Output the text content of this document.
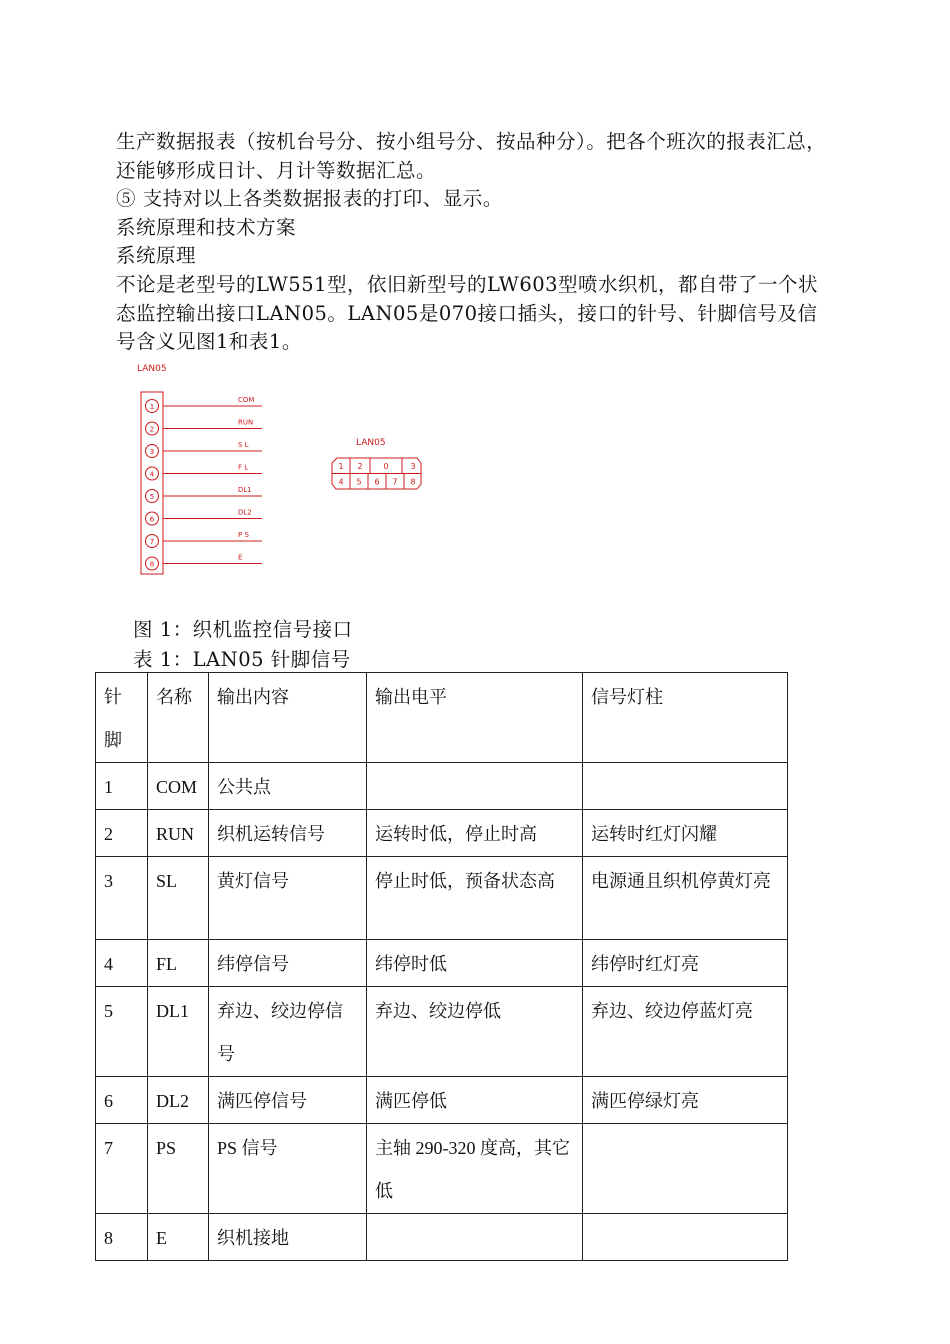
生产数据报表（按机台号分、按小组号分、按品种分）。把各个班次的报表汇总，还能够形成日计、月计等数据汇总。

⑤ 支持对以上各类数据报表的打印、显示。

系统原理和技术方案

系统原理

不论是老型号的LW551型，依旧新型号的LW603型喷水织机，都自带了一个状态监控输出接口LAN05。LAN05是070接口插头，接口的针号、针脚信号及信号含义见图1和表1。

LAN05
1
COM
2
RUN
3
S L
4
F L
5
DL1
6
DL2
7
P S
8
E
LAN05
1 2	0	3
4 5 6 7 8

图 1：织机监控信号接口

表 1：LAN05 针脚信号

针脚	名称	输出内容	输出电平	信号灯柱
1	COM	公共点		
2	RUN	织机运转信号	运转时低，停止时高	运转时红灯闪耀
3	SL	黄灯信号	停止时低，预备状态高	电源通且织机停黄灯亮
4	FL	纬停信号	纬停时低	纬停时红灯亮
5	DL1	弃边、绞边停信号	弃边、绞边停低	弃边、绞边停蓝灯亮
6	DL2	满匹停信号	满匹停低	满匹停绿灯亮
7	PS	PS 信号	主轴 290-320 度高，其它低	
8	E	织机接地		
